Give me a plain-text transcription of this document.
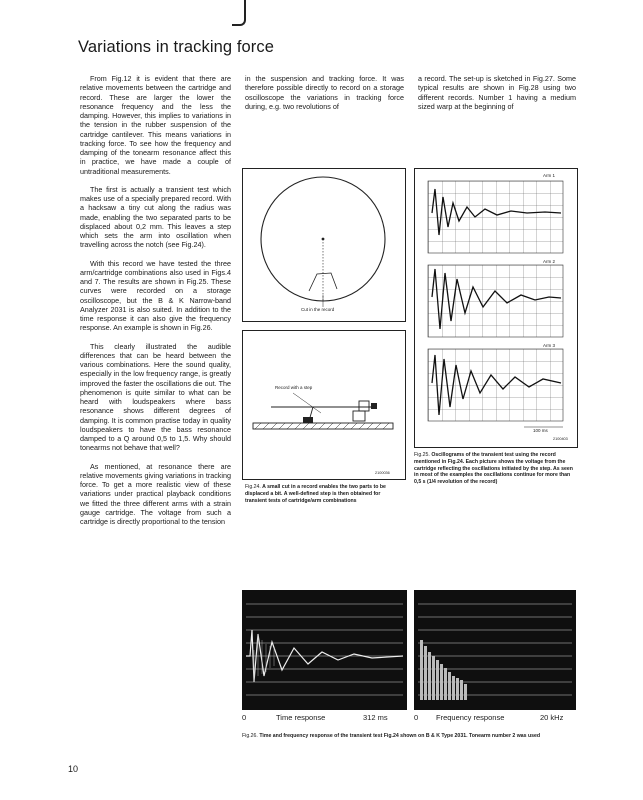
Variations in tracking force

From Fig.12 it is evident that there are relative movements between the cartridge and record. These are larger the lower the resonance frequency and the less the damping. However, this implies to variations in the tension in the rubber suspension of the cartridge cantilever. This means variations in tracking force. To see how the frequency and damping of the tonearm resonance affect this in practice, we have made a couple of untraditional measurements.

The first is actually a transient test which makes use of a specially prepared record. With a hacksaw a tiny cut along the radius was made, enabling the two separated parts to be displaced about 0,2 mm. This leaves a step which sets the arm into oscillation when travelling across the notch (see Fig.24).

With this record we have tested the three arm/cartridge combinations also used in Figs.4 and 7. The results are shown in Fig.25. These curves were recorded on a storage oscilloscope, but the B & K Narrow-band Analyzer 2031 is also suited. In addition to the time response it can also give the frequency response. An example is shown in Fig.26.

This clearly illustrated the audible differences that can be heard between the various combinations. Here the sound quality, especially in the low frequency range, is greatly improved the faster the oscillations die out. The phenomenon is quite similar to what can be heard with loudspeakers where bass resonance shows different degrees of damping. It is common practise today in quality loudspeakers to have the bass resonance damped to a Q around 0,5 to 1,5. Why should tonearms not behave that well?

As mentioned, at resonance there are relative movements giving variations in tracking force. To get a more realistic view of these variations under practical playback conditions we fitted the three different arms with a strain gauge cartridge. The voltage from such a cartridge is directly proportional to the tension

in the suspension and tracking force. It was therefore possible directly to record on a storage oscilloscope the variations in tracking force during, e.g. two revolutions of

a record. The set-up is sketched in Fig.27. Some typical results are shown in Fig.28 using two different records. Number 1 having a medium sized warp at the beginning of

Cut in the record
Record with a step
2100036
Fig.24. A small cut in a record enables the two parts to be displaced a bit. A well-defined step is then obtained for transient tests of cartridge/arm combinations
Arm 1
Arm 2
Arm 3
100 ms
2100403
Fig.25. Oscillograms of the transient test using the record mentioned in Fig.24. Each picture shows the voltage from the cartridge reflecting the oscillations initiated by the step. As seen in most of the examples the oscillations continue for more than 0,5 s (1/4 revolution of the record)
0	Time response	312 ms	0 Frequency response	20 kHz
Fig.26. Time and frequency response of the transient test Fig.24 shown on B & K Type 2031. Tonearm number 2 was used
10
